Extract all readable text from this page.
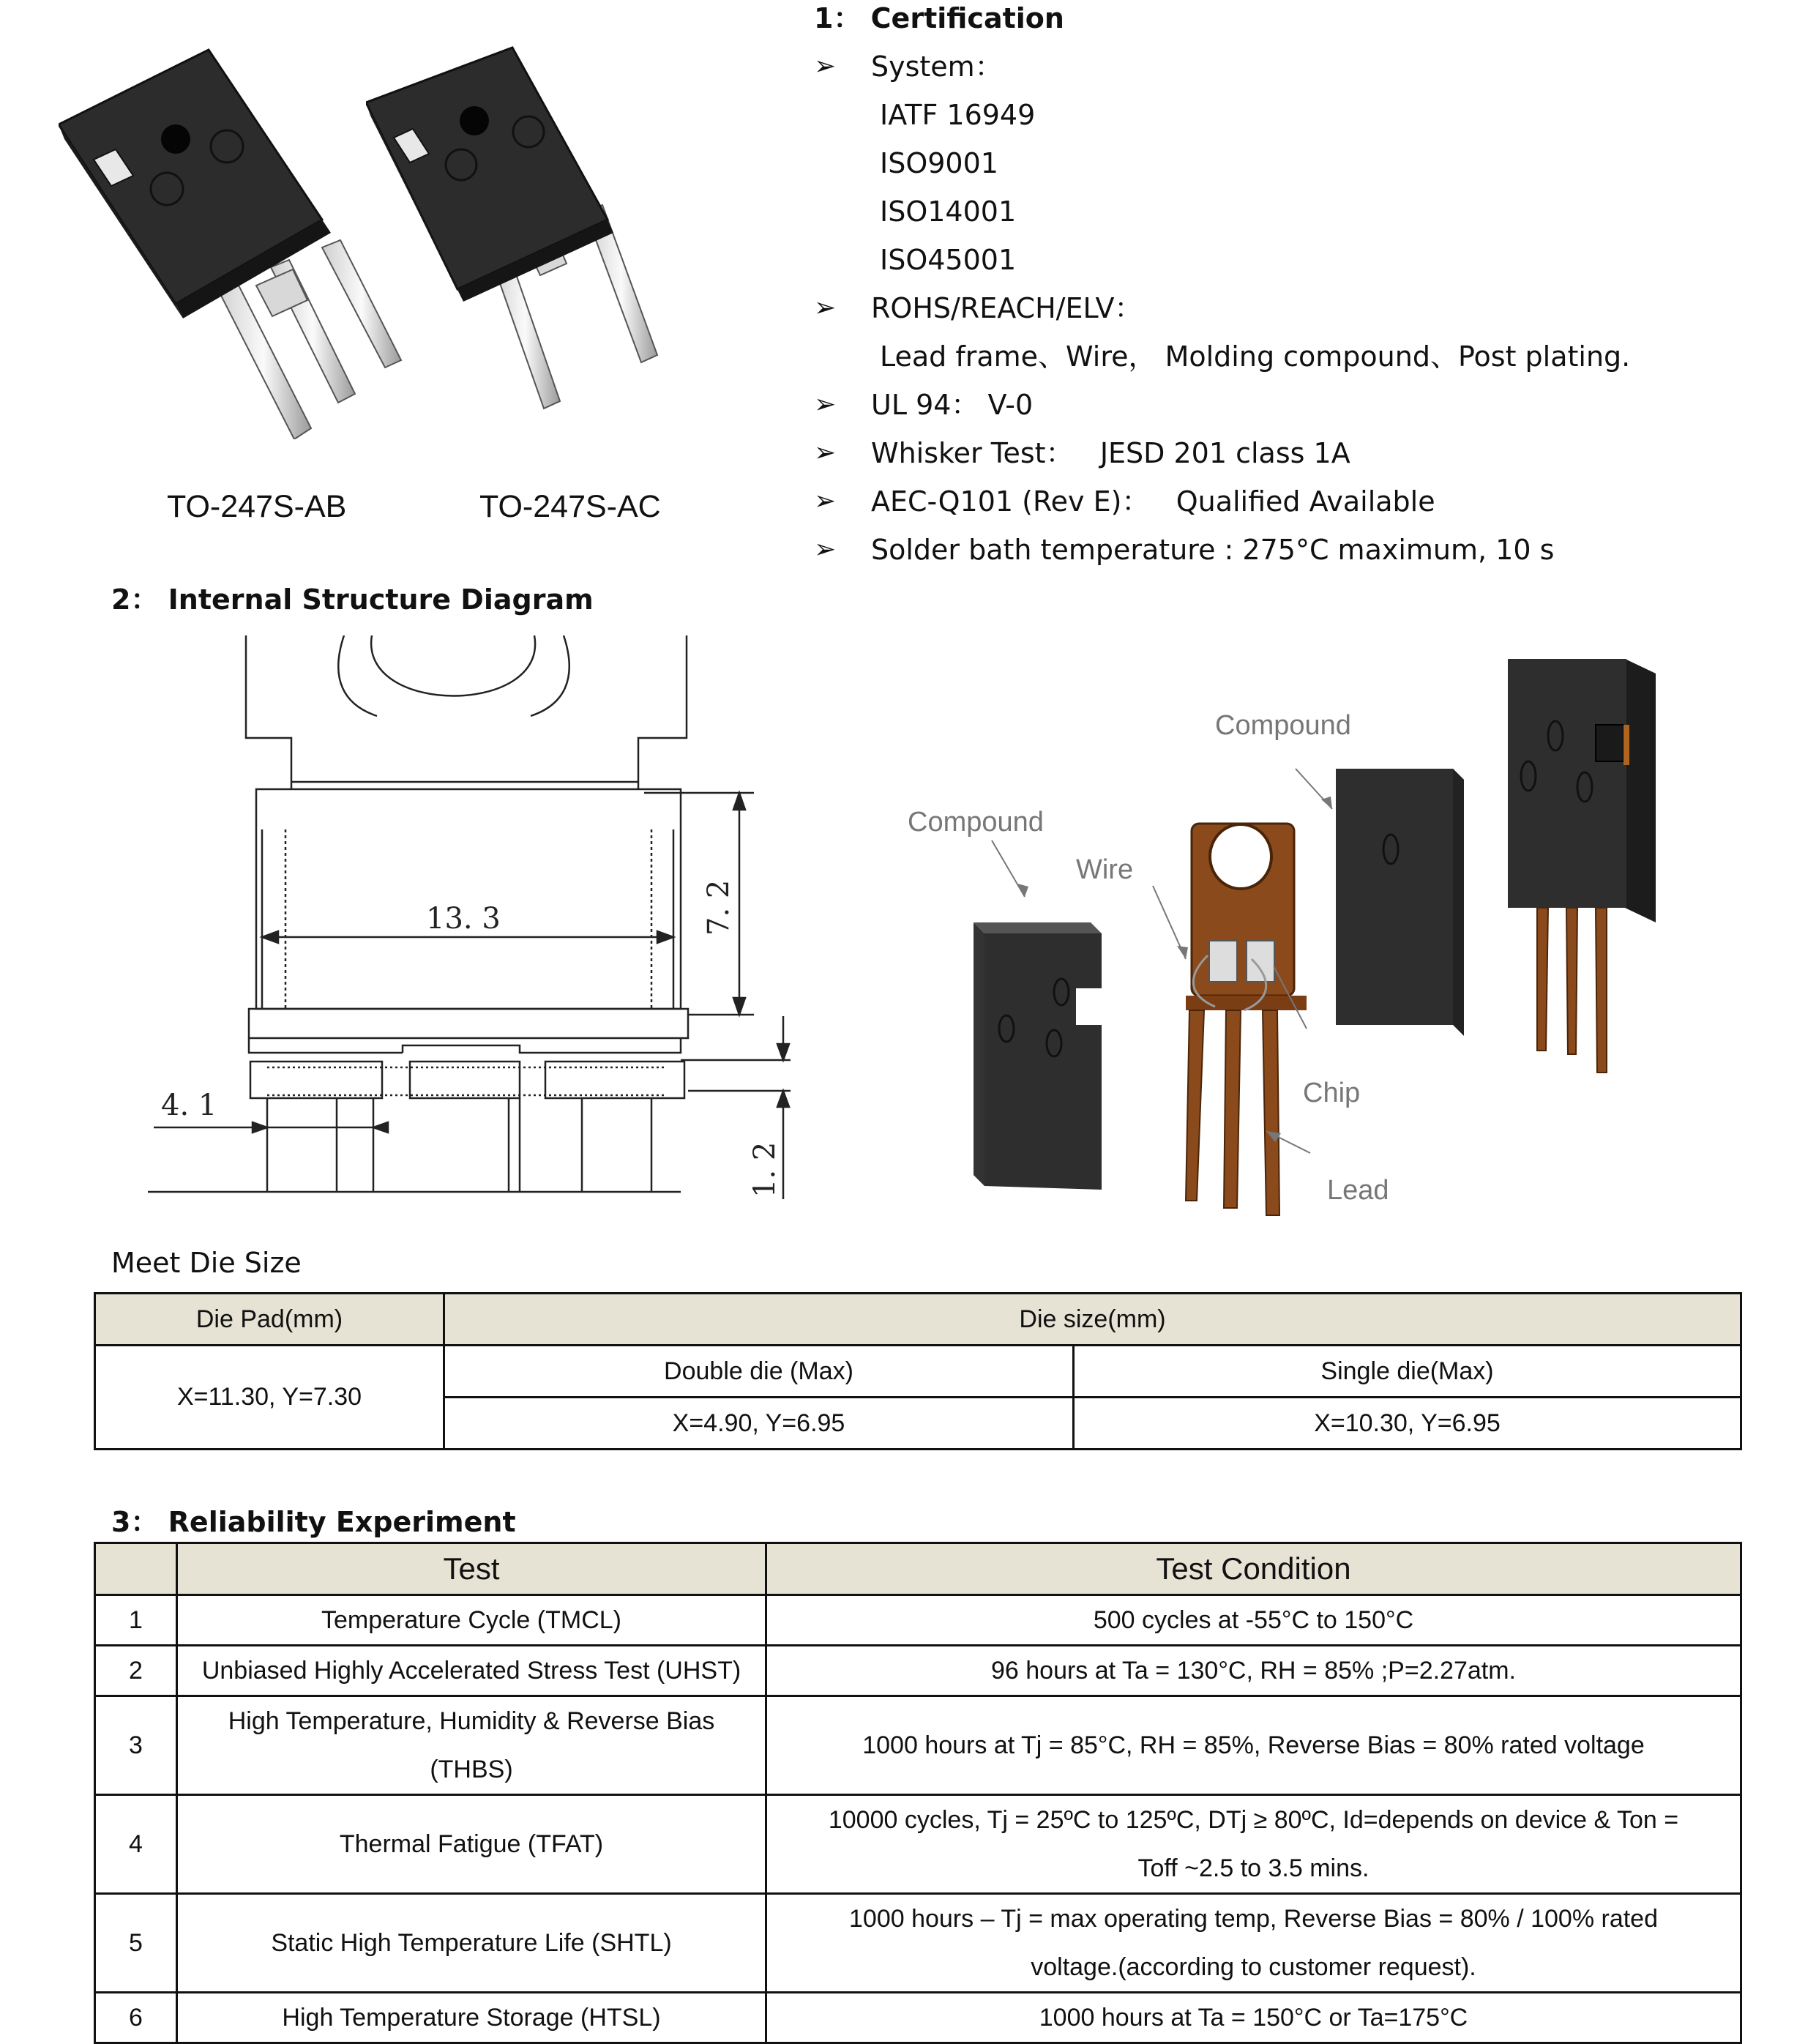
TO-247S-AB	TO-247S-AC
1： Certification
➢	System：
IATF 16949
ISO9001
ISO14001
ISO45001
➢	ROHS/REACH/ELV：
Lead frame、Wire， Molding compound、Post plating.
➢	UL 94： V-0
➢	Whisker Test：   JESD 201 class 1A
➢	AEC-Q101 (Rev E)：   Qualified Available
➢	Solder bath temperature : 275°C maximum, 10 s
2： Internal Structure Diagram
13. 3	7. 2
4. 1
1. 2
Compound
Wire
Compound
Chip
Lead
Meet Die Size
Die Pad(mm)	Die size(mm)	
X=11.30, Y=7.30	Double die (Max)	Single die(Max)
	X=4.90, Y=6.95	X=10.30, Y=6.95
3： Reliability Experiment
	Test	Test Condition
1	Temperature Cycle (TMCL)	500 cycles at -55°C to 150°C
2	Unbiased Highly Accelerated Stress Test (UHST)	96 hours at Ta = 130°C, RH = 85% ;P=2.27atm.
3	High Temperature, Humidity & Reverse Bias (THBS)	1000 hours at Tj = 85°C, RH = 85%, Reverse Bias = 80% rated voltage
4	Thermal Fatigue (TFAT)	10000 cycles, Tj = 25ºC to 125ºC, DTj ≥ 80ºC, Id=depends on device & Ton = Toff ~2.5 to 3.5 mins.
5	Static High Temperature Life (SHTL)	1000 hours – Tj = max operating temp, Reverse Bias = 80% / 100% rated voltage.(according to customer request).
6	High Temperature Storage (HTSL)	1000 hours at Ta = 150°C or Ta=175°C
